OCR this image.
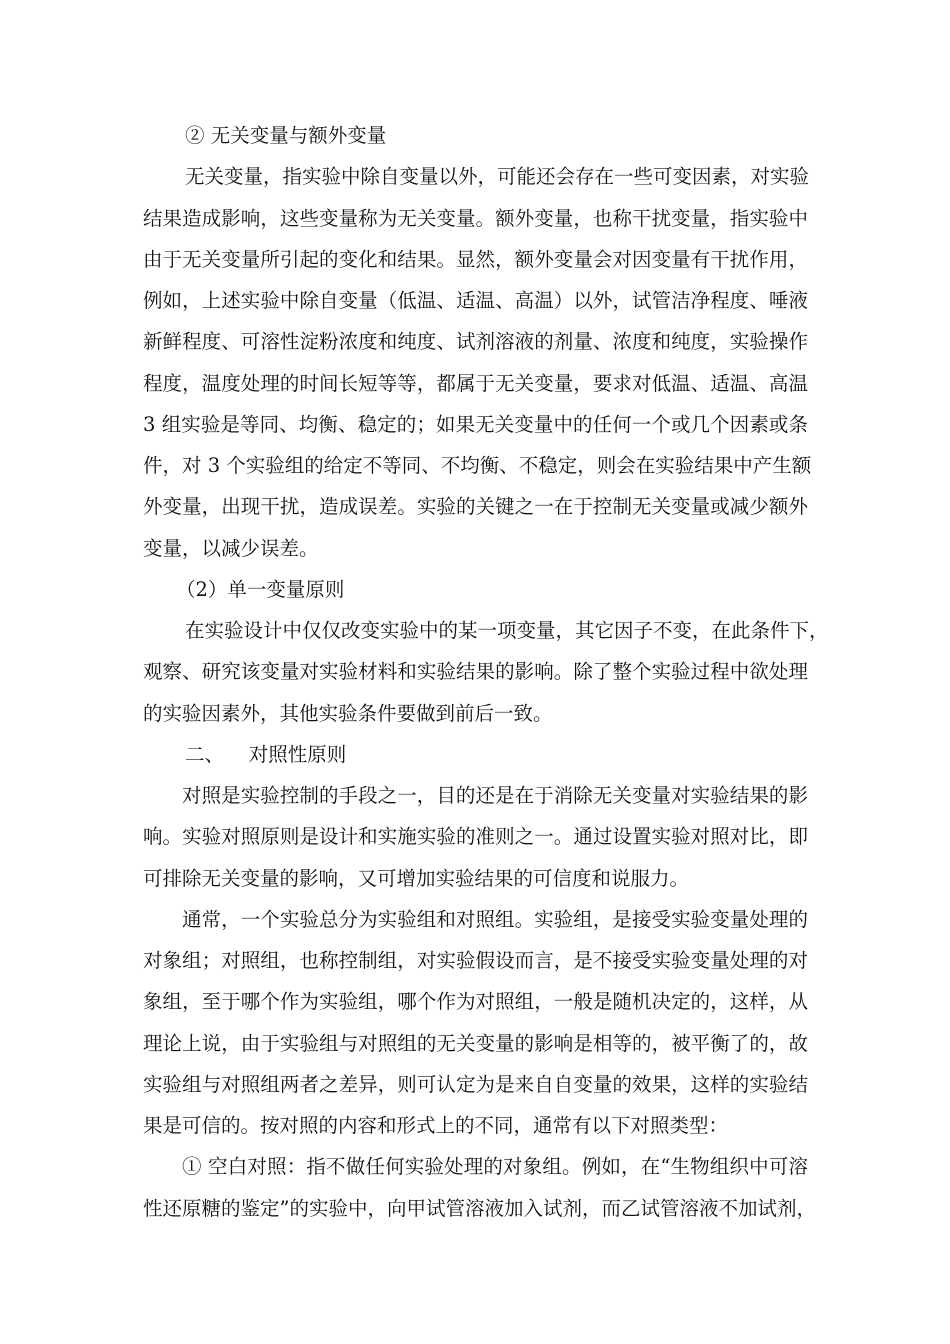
② 无关变量与额外变量

无关变量，指实验中除自变量以外，可能还会存在一些可变因素，对实验

结果造成影响，这些变量称为无关变量。额外变量，也称干扰变量，指实验中

由于无关变量所引起的变化和结果。显然，额外变量会对因变量有干扰作用，

例如，上述实验中除自变量（低温、适温、高温）以外，试管洁净程度、唾液

新鲜程度、可溶性淀粉浓度和纯度、试剂溶液的剂量、浓度和纯度，实验操作

程度，温度处理的时间长短等等，都属于无关变量，要求对低温、适温、高温

3 组实验是等同、均衡、稳定的；如果无关变量中的任何一个或几个因素或条

件，对 3 个实验组的给定不等同、不均衡、不稳定，则会在实验结果中产生额

外变量，出现干扰，造成误差。实验的关键之一在于控制无关变量或减少额外

变量，以减少误差。

（2）单一变量原则

在实验设计中仅仅改变实验中的某一项变量，其它因子不变，在此条件下，

观察、研究该变量对实验材料和实验结果的影响。除了整个实验过程中欲处理

的实验因素外，其他实验条件要做到前后一致。

二、    对照性原则

对照是实验控制的手段之一，目的还是在于消除无关变量对实验结果的影

响。实验对照原则是设计和实施实验的准则之一。通过设置实验对照对比，即

可排除无关变量的影响，又可增加实验结果的可信度和说服力。

通常，一个实验总分为实验组和对照组。实验组，是接受实验变量处理的

对象组；对照组，也称控制组，对实验假设而言，是不接受实验变量处理的对

象组，至于哪个作为实验组，哪个作为对照组，一般是随机决定的，这样，从

理论上说，由于实验组与对照组的无关变量的影响是相等的，被平衡了的，故

实验组与对照组两者之差异，则可认定为是来自自变量的效果，这样的实验结

果是可信的。按对照的内容和形式上的不同，通常有以下对照类型：

① 空白对照：指不做任何实验处理的对象组。例如，在“生物组织中可溶

性还原糖的鉴定”的实验中，向甲试管溶液加入试剂，而乙试管溶液不加试剂，
